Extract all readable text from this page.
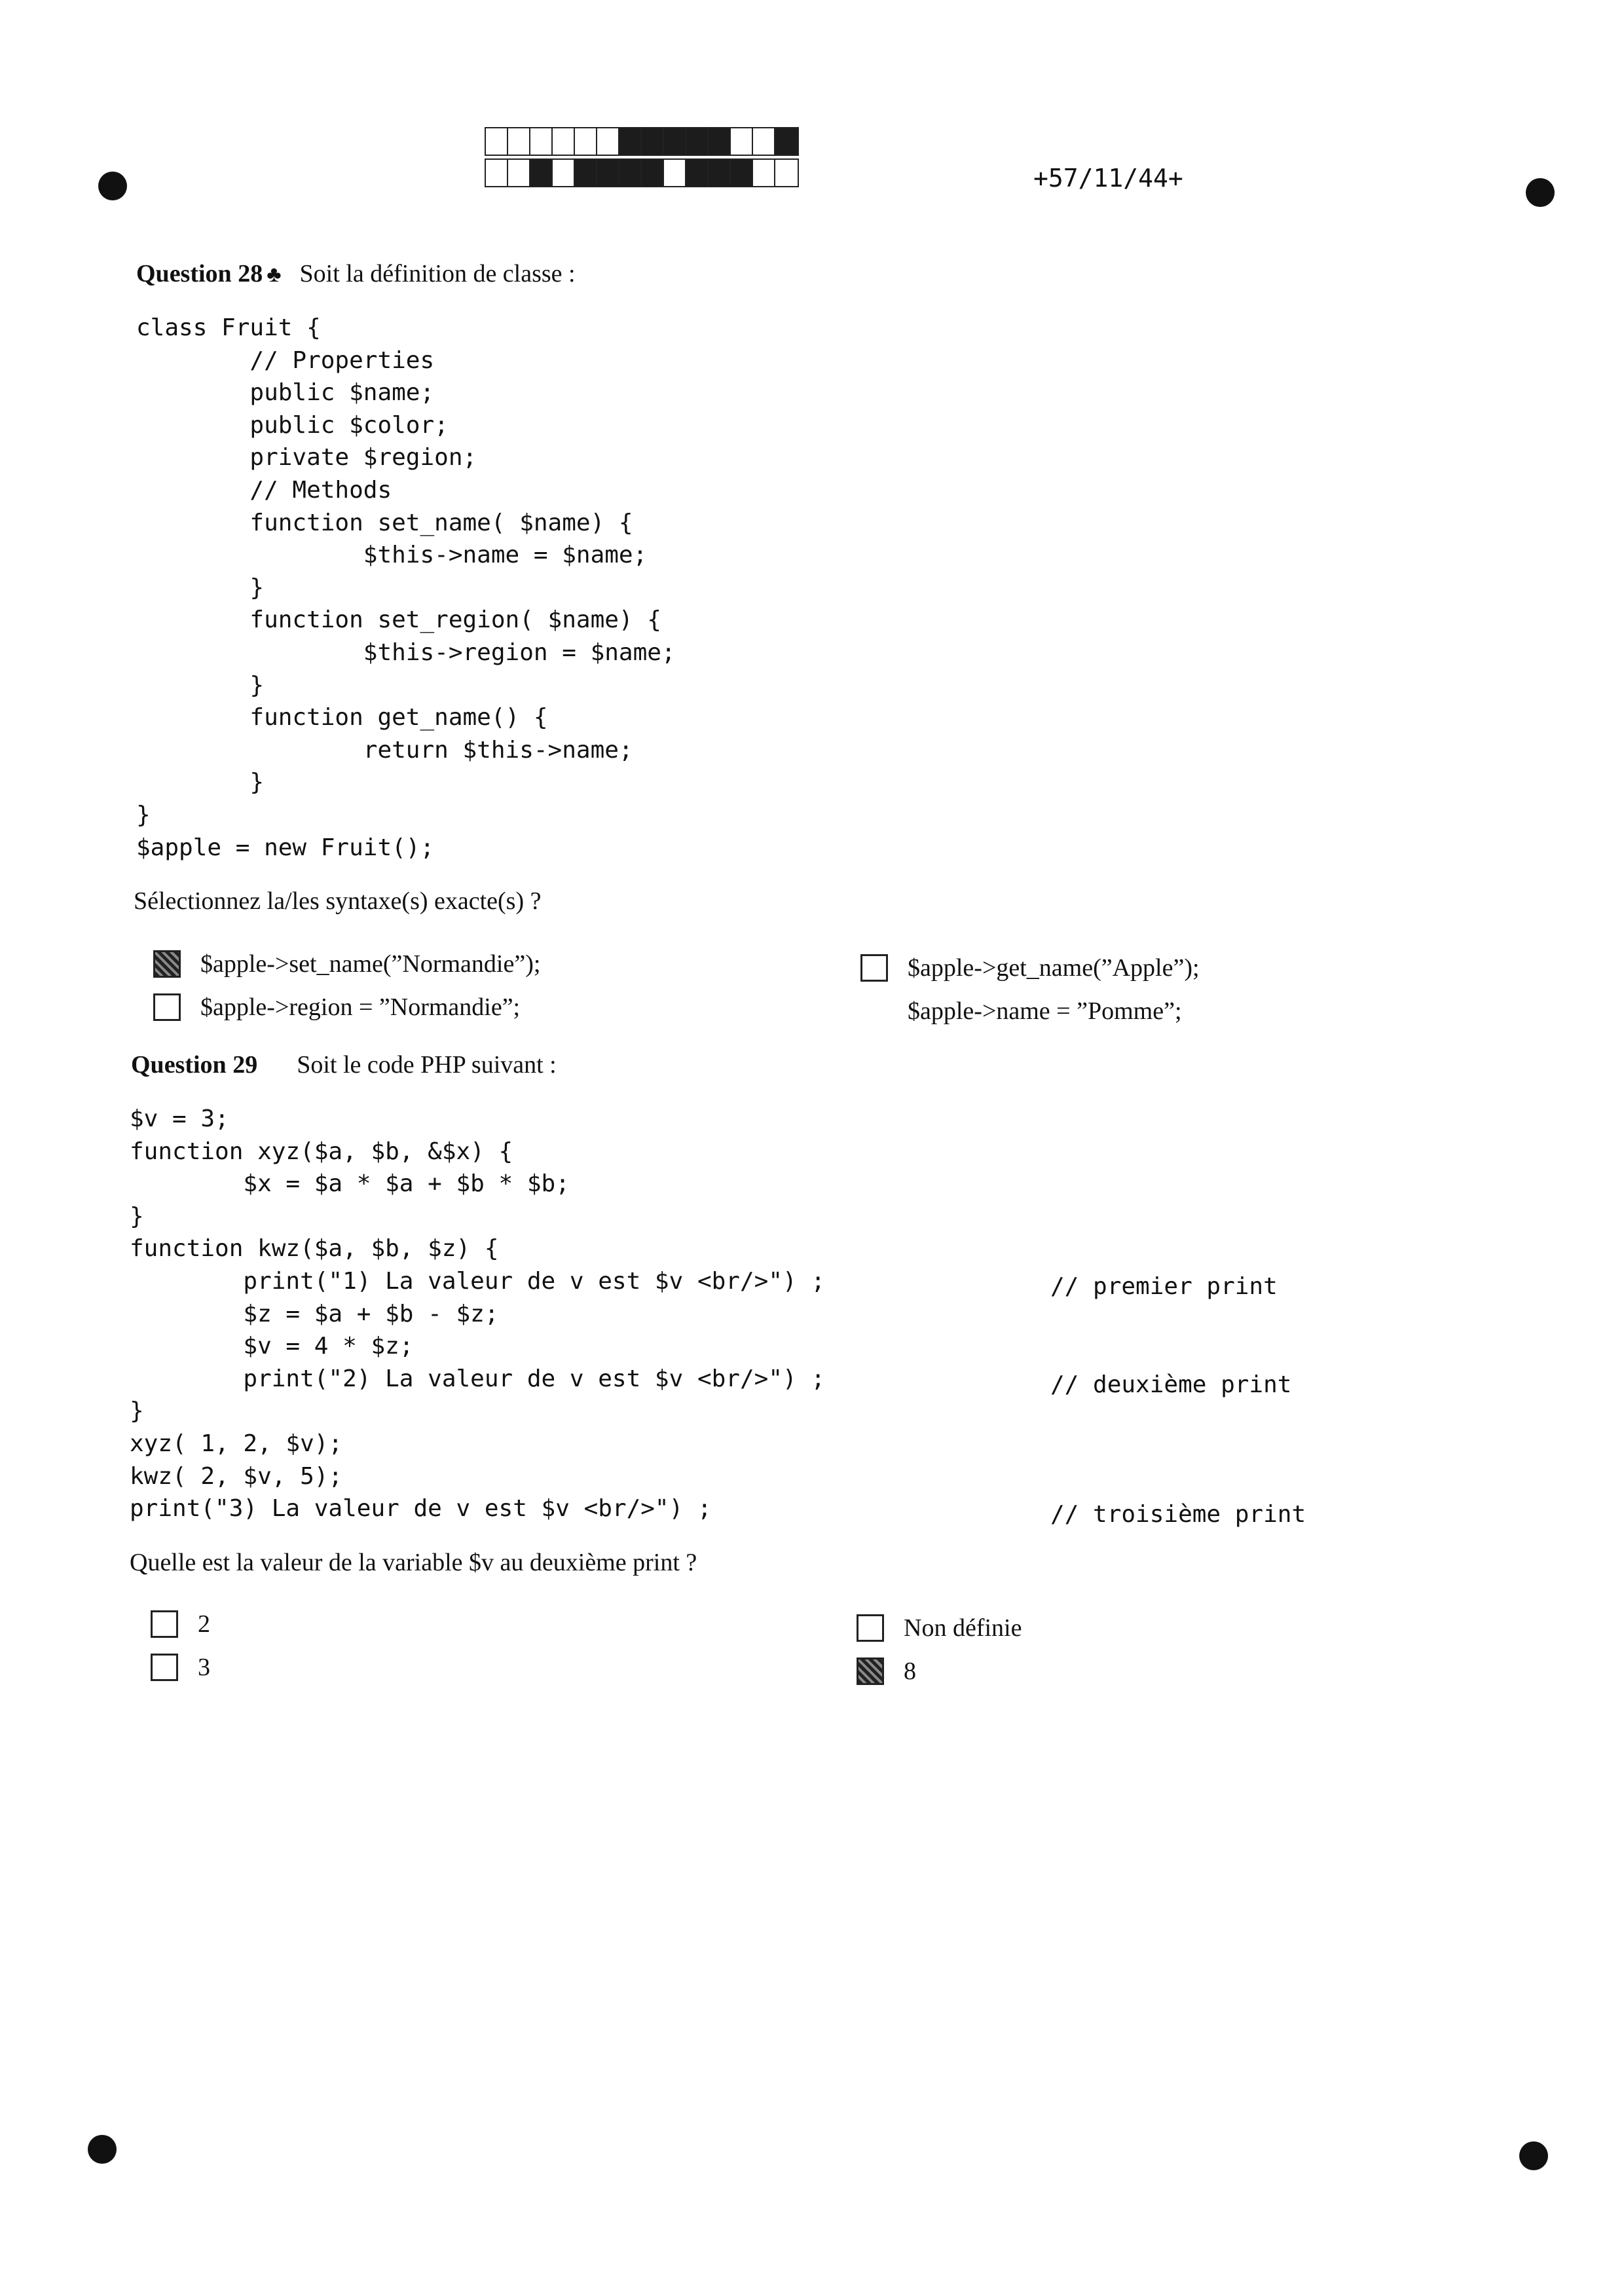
+57/11/44+
Question 28 ♣ Soit la définition de classe :
class Fruit {
// Properties
public $name;
public $color;
private $region;
// Methods
function set_name( $name) {
$this->name = $name;
}
function set_region( $name) {
$this->region = $name;
}
function get_name() {
return $this->name;
}
}
$apple = new Fruit();
Sélectionnez la/les syntaxe(s) exacte(s) ?
$apple->set_name(”Normandie”);
$apple->region = ”Normandie”;
$apple->get_name(”Apple”);
$apple->name = ”Pomme”;
Question 29 Soit le code PHP suivant :
$v = 3;
function xyz($a, $b, &$x) {
$x = $a * $a + $b * $b;
}
function kwz($a, $b, $z) {
print("1) La valeur de v est $v <br/>") ;
$z = $a + $b - $z;
$v = 4 * $z;
print("2) La valeur de v est $v <br/>") ;
}
xyz( 1, 2, $v);
kwz( 2, $v, 5);
print("3) La valeur de v est $v <br/>") ;
// premier print
// deuxième print
// troisième print
Quelle est la valeur de la variable $v au deuxième print ?
2
3
Non définie
8
